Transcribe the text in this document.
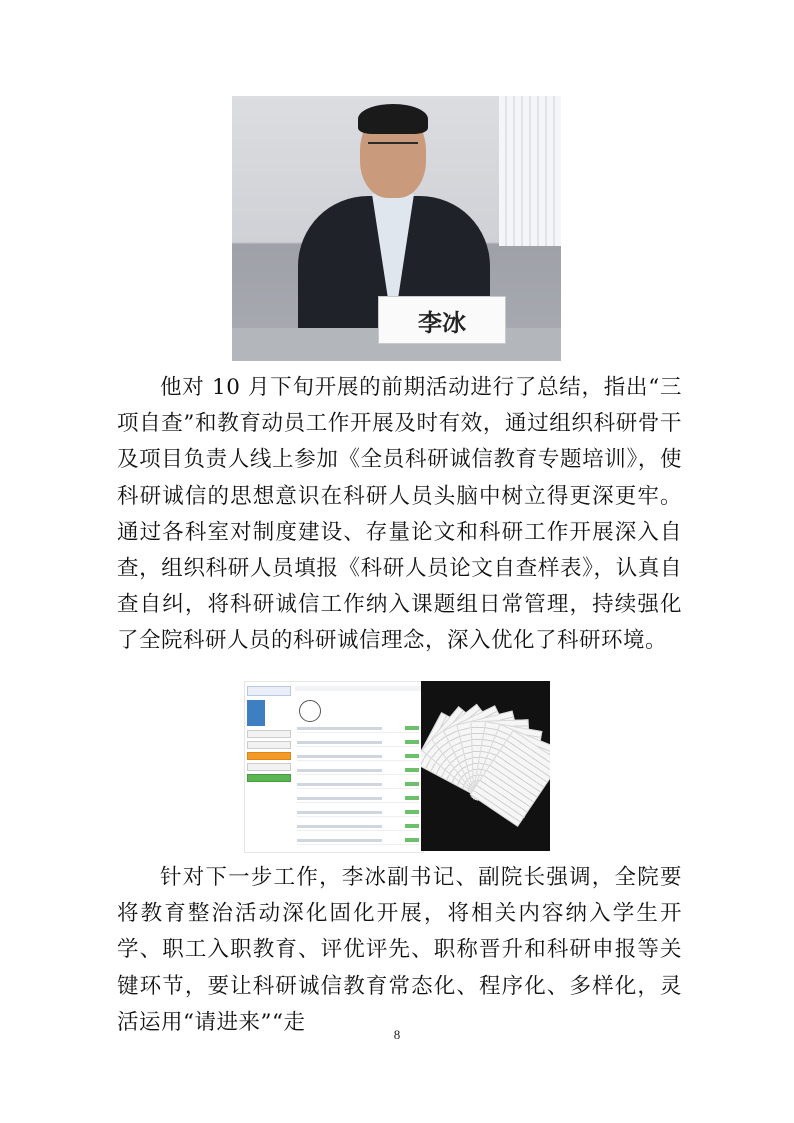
李冰

他对 10 月下旬开展的前期活动进行了总结，指出“三项自查”和教育动员工作开展及时有效，通过组织科研骨干及项目负责人线上参加《全员科研诚信教育专题培训》，使科研诚信的思想意识在科研人员头脑中树立得更深更牢。通过各科室对制度建设、存量论文和科研工作开展深入自查，组织科研人员填报《科研人员论文自查样表》，认真自查自纠，将科研诚信工作纳入课题组日常管理，持续强化了全院科研人员的科研诚信理念，深入优化了科研环境。

针对下一步工作，李冰副书记、副院长强调，全院要将教育整治活动深化固化开展，将相关内容纳入学生开学、职工入职教育、评优评先、职称晋升和科研申报等关键环节，要让科研诚信教育常态化、程序化、多样化，灵活运用“请进来”“走	8
